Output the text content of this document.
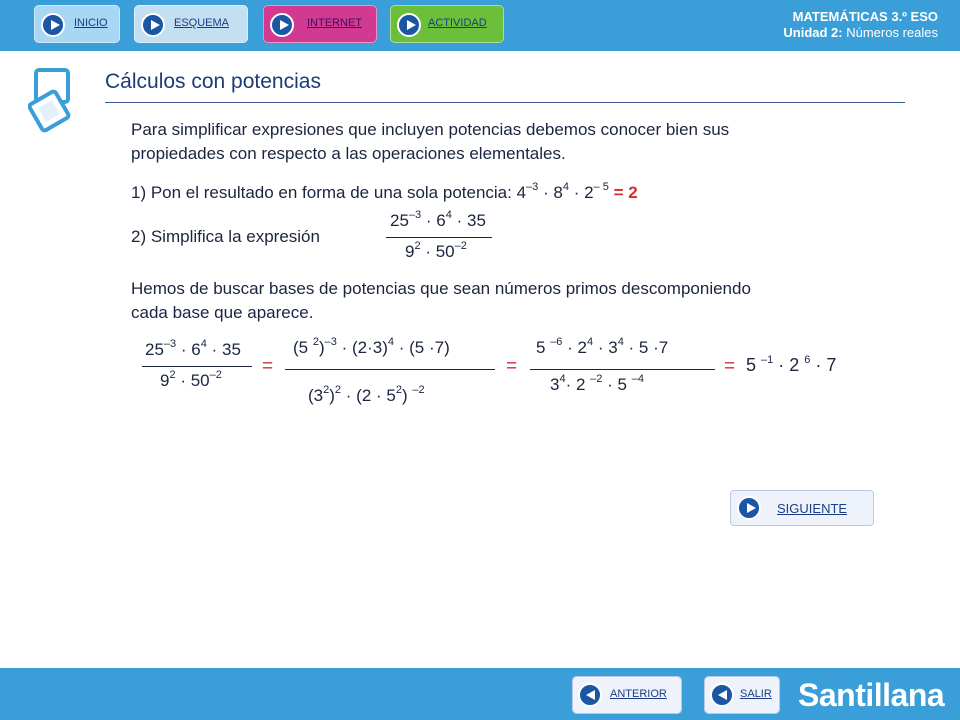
INICIO	ESQUEMA	INTERNET	ACTIVIDAD	MATEMÁTICAS 3.º ESO
Unidad 2: Números reales
Cálculos con potencias
Para simplificar expresiones que incluyen potencias debemos conocer bien sus
propiedades con respecto a las operaciones elementales.
1) Pon el resultado en forma de una sola potencia: $4^{-3} \cdot 8^4 \cdot 2^{- 5} = 2$
2) Simplifica la expresión
$25^{-3} \cdot 6^4 \cdot 35$
$9^2 \cdot 50^{-2}$
Hemos de buscar bases de potencias que sean números primos descomponiendo
cada base que aparece.
$25^{-3} \cdot 6^4 \cdot 35$
$9^2 \cdot 50^{-2}$ =
(5 $^2)^{-3} \cdot (2\cdot 3)^4 \cdot (5 \cdot 7)$
$(3^2)^2 \cdot (2 \cdot 5^2)$ $^{-2}$
=
5 $^{-6} \cdot 2^4 \cdot 3^4 \cdot 5 \cdot 7$
$3^4\cdot 2$ $^{-2}$ · 5 $^{-4}$
= 5 $^{-1}$ · 2 $^6$ · 7
SIGUIENTE
ANTERIOR	SALIR Santillana
